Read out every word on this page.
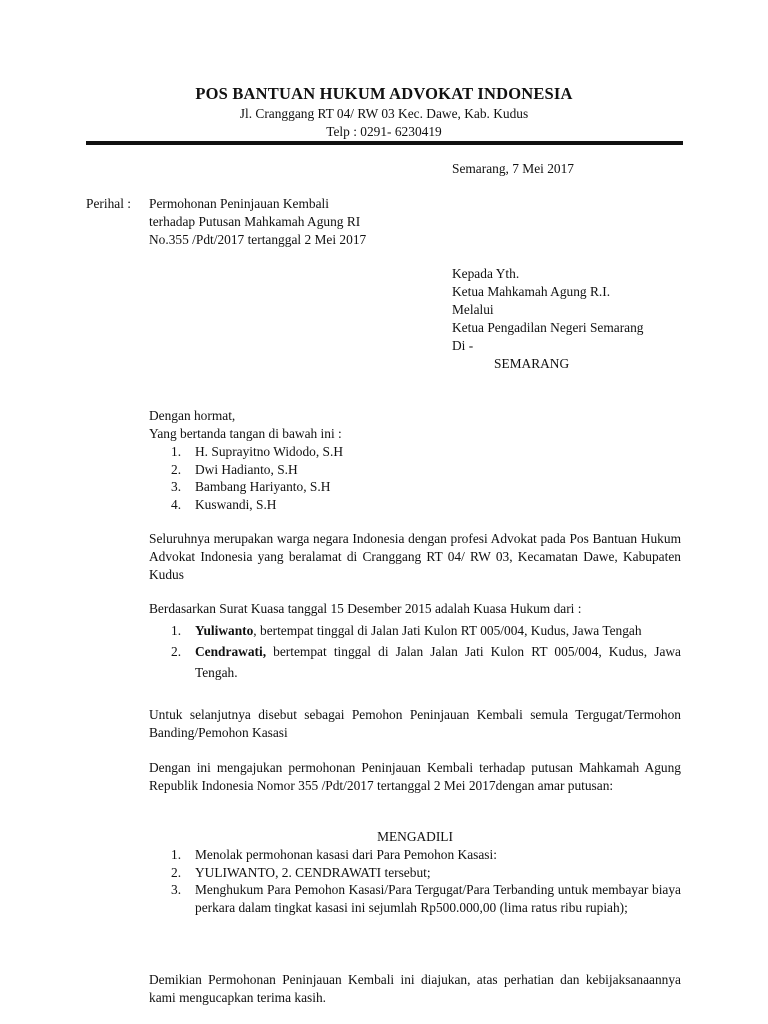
POS BANTUAN HUKUM ADVOKAT INDONESIA
Jl. Cranggang RT 04/ RW 03 Kec. Dawe, Kab. Kudus
Telp : 0291- 6230419
Semarang, 7 Mei 2017
Perihal : Permohonan Peninjauan Kembali
terhadap Putusan Mahkamah Agung RI
No.355 /Pdt/2017 tertanggal 2 Mei 2017
Kepada Yth.
Ketua Mahkamah Agung R.I.
Melalui
Ketua Pengadilan Negeri Semarang
Di -
SEMARANG
Dengan hormat,
Yang bertanda tangan di bawah ini :
1. H. Suprayitno Widodo, S.H
2. Dwi Hadianto, S.H
3. Bambang Hariyanto, S.H
4. Kuswandi, S.H
Seluruhnya merupakan warga negara Indonesia dengan profesi Advokat pada Pos Bantuan Hukum Advokat Indonesia yang beralamat di Cranggang RT 04/ RW 03, Kecamatan Dawe, Kabupaten Kudus
Berdasarkan Surat Kuasa tanggal 15 Desember 2015 adalah Kuasa Hukum dari :
1. Yuliwanto, bertempat tinggal di Jalan Jati Kulon RT 005/004, Kudus, Jawa Tengah
2. Cendrawati, bertempat tinggal di Jalan Jalan Jati Kulon RT 005/004, Kudus, Jawa Tengah.
Untuk selanjutnya disebut sebagai Pemohon Peninjauan Kembali semula Tergugat/Termohon Banding/Pemohon Kasasi
Dengan ini mengajukan permohonan Peninjauan Kembali terhadap putusan Mahkamah Agung Republik Indonesia Nomor 355 /Pdt/2017 tertanggal 2 Mei 2017dengan amar putusan:
MENGADILI
1. Menolak permohonan kasasi dari Para Pemohon Kasasi:
2. YULIWANTO, 2. CENDRAWATI tersebut;
3. Menghukum Para Pemohon Kasasi/Para Tergugat/Para Terbanding untuk membayar biaya perkara dalam tingkat kasasi ini sejumlah Rp500.000,00 (lima ratus ribu rupiah);
Demikian Permohonan Peninjauan Kembali ini diajukan, atas perhatian dan kebijaksanaannya kami mengucapkan terima kasih.
